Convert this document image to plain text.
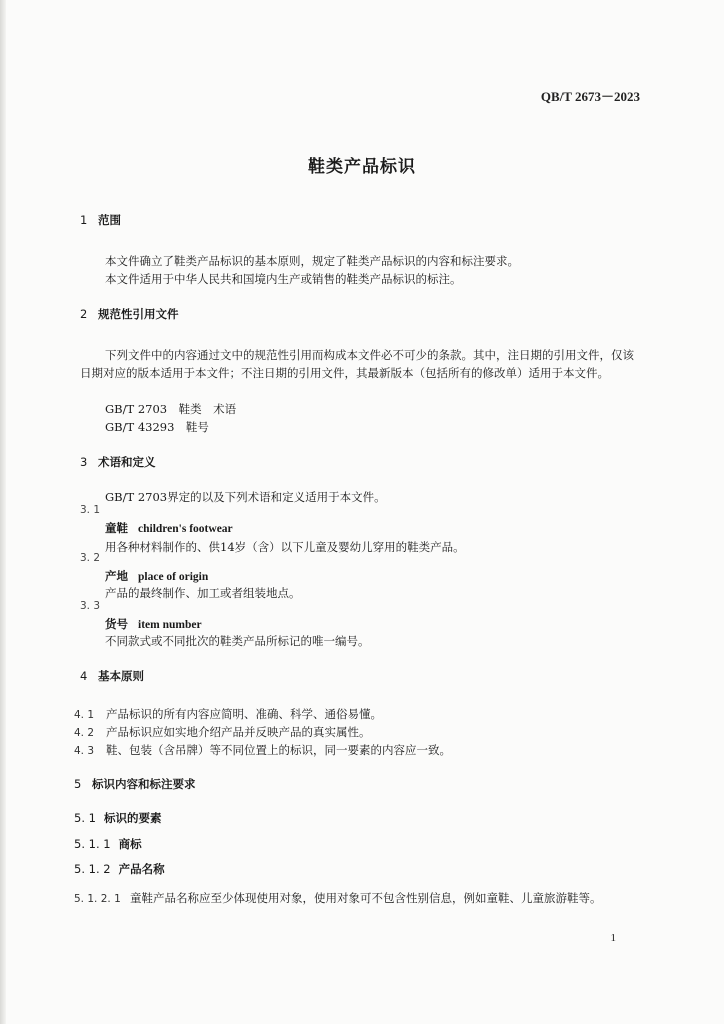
QB/T 2673－2023
鞋类产品标识
1 范围
本文件确立了鞋类产品标识的基本原则，规定了鞋类产品标识的内容和标注要求。
本文件适用于中华人民共和国境内生产或销售的鞋类产品标识的标注。
2 规范性引用文件
下列文件中的内容通过文中的规范性引用而构成本文件必不可少的条款。其中，注日期的引用文件，仅该日期对应的版本适用于本文件；不注日期的引用文件，其最新版本（包括所有的修改单）适用于本文件。
GB/T 2703　鞋类　术语
GB/T 43293　鞋号
3 术语和定义
GB/T 2703界定的以及下列术语和定义适用于本文件。
3. 1
童鞋 children's footwear
用各种材料制作的、供14岁（含）以下儿童及婴幼儿穿用的鞋类产品。
3. 2
产地 place of origin
产品的最终制作、加工或者组装地点。
3. 3
货号 item number
不同款式或不同批次的鞋类产品所标记的唯一编号。
4 基本原则
4. 1 产品标识的所有内容应简明、准确、科学、通俗易懂。
4. 2 产品标识应如实地介绍产品并反映产品的真实属性。
4. 3 鞋、包装（含吊牌）等不同位置上的标识，同一要素的内容应一致。
5 标识内容和标注要求
5. 1 标识的要素
5. 1. 1 商标
5. 1. 2 产品名称
5. 1. 2. 1 童鞋产品名称应至少体现使用对象，使用对象可不包含性别信息，例如童鞋、儿童旅游鞋等。
1
